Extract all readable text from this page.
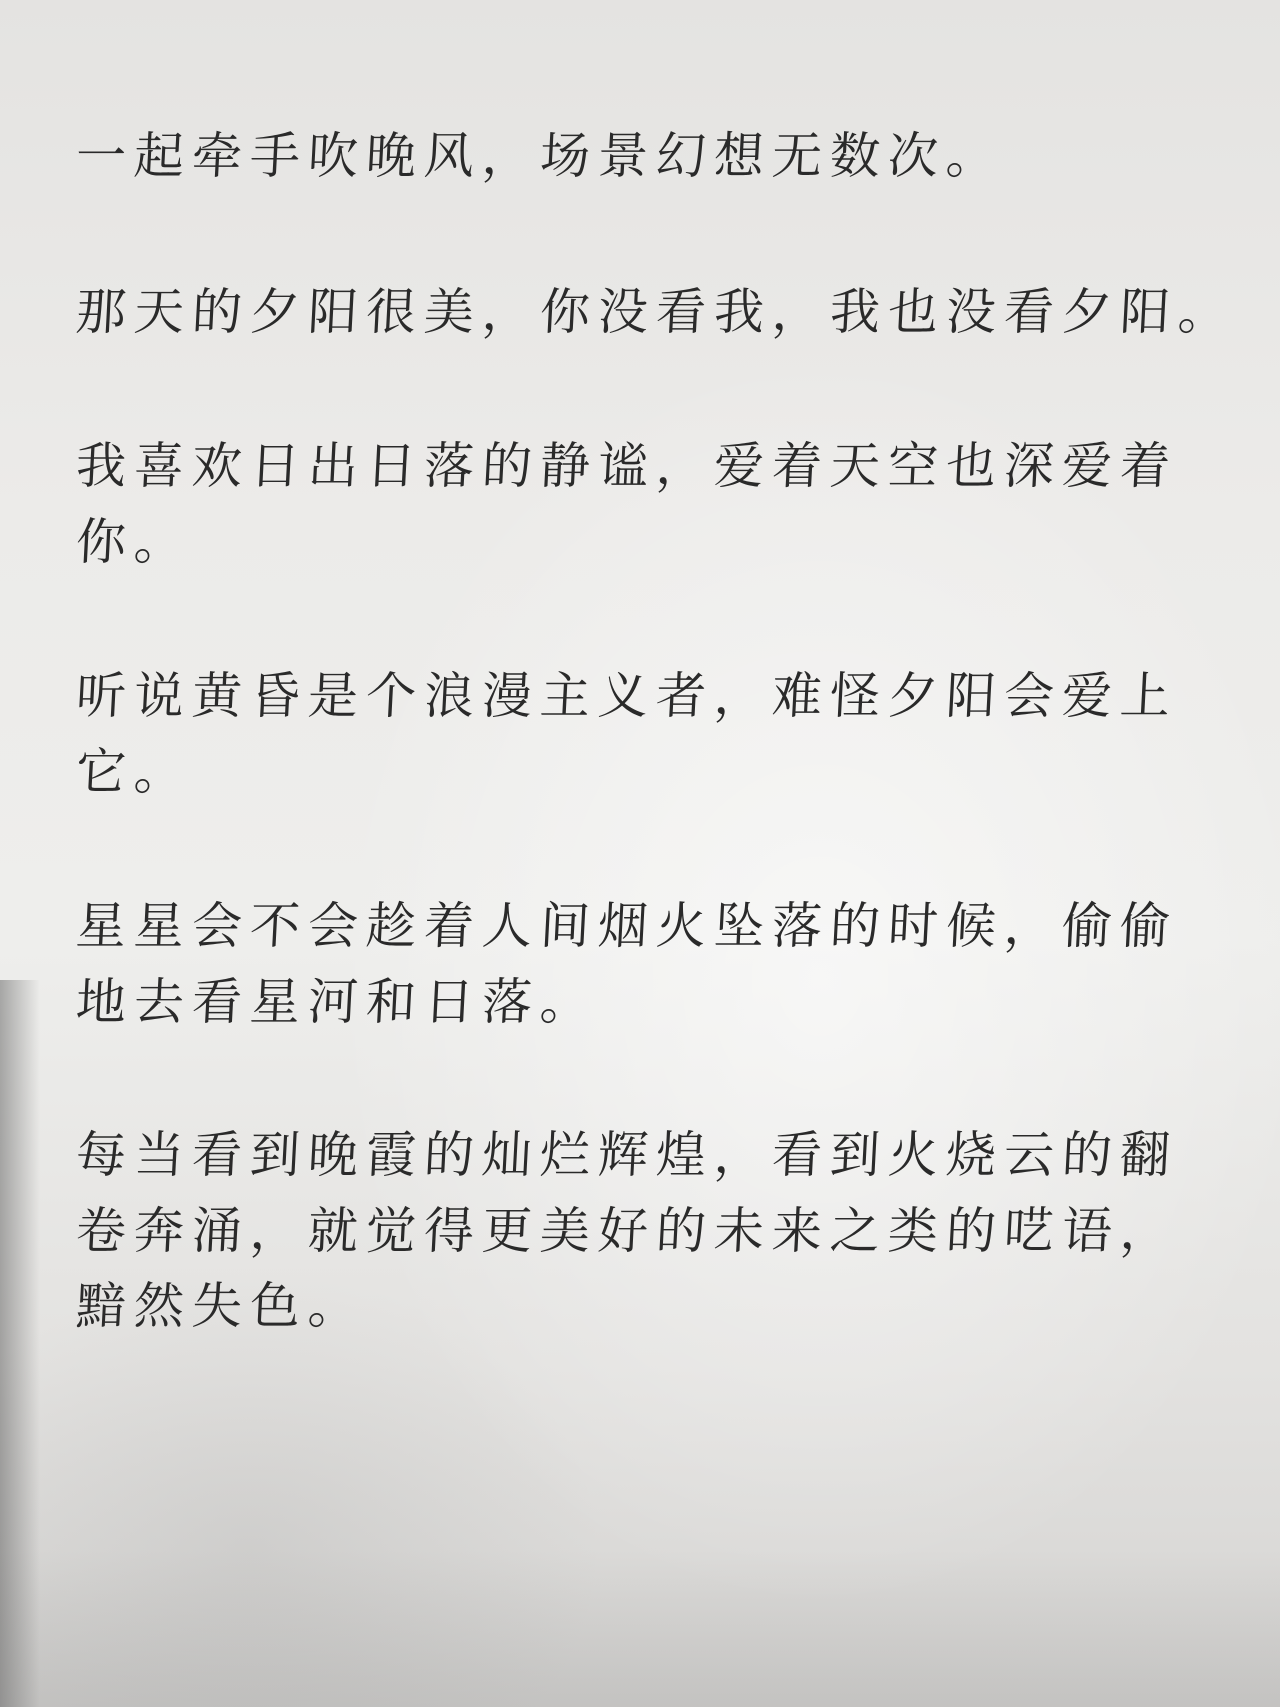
一起牵手吹晚风，场景幻想无数次。
那天的夕阳很美，你没看我，我也没看夕阳。
我喜欢日出日落的静谧，爱着天空也深爱着
你。
听说黄昏是个浪漫主义者，难怪夕阳会爱上
它。
星星会不会趁着人间烟火坠落的时候，偷偷
地去看星河和日落。
每当看到晚霞的灿烂辉煌，看到火烧云的翻
卷奔涌，就觉得更美好的未来之类的呓语，
黯然失色。
